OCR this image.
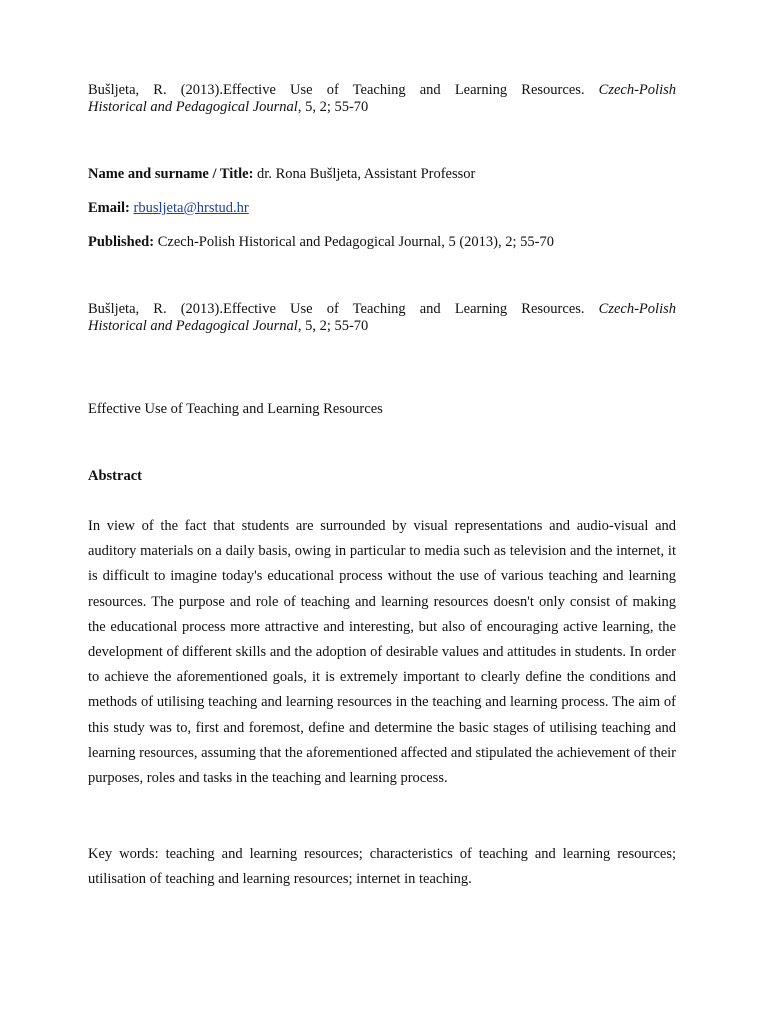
Bušljeta, R. (2013).Effective Use of Teaching and Learning Resources. Czech-Polish
Historical and Pedagogical Journal, 5, 2; 55-70
Name and surname / Title: dr. Rona Bušljeta, Assistant Professor
Email: rbusljeta@hrstud.hr
Published: Czech-Polish Historical and Pedagogical Journal, 5 (2013), 2; 55-70
Bušljeta, R. (2013).Effective Use of Teaching and Learning Resources. Czech-Polish
Historical and Pedagogical Journal, 5, 2; 55-70
Effective Use of Teaching and Learning Resources
Abstract
In view of the fact that students are surrounded by visual representations and audio-visual and auditory materials on a daily basis, owing in particular to media such as television and the internet, it is difficult to imagine today's educational process without the use of various teaching and learning resources. The purpose and role of teaching and learning resources doesn't only consist of making the educational process more attractive and interesting, but also of encouraging active learning, the development of different skills and the adoption of desirable values and attitudes in students. In order to achieve the aforementioned goals, it is extremely important to clearly define the conditions and methods of utilising teaching and learning resources in the teaching and learning process. The aim of this study was to, first and foremost, define and determine the basic stages of utilising teaching and learning resources, assuming that the aforementioned affected and stipulated the achievement of their purposes, roles and tasks in the teaching and learning process.
Key words: teaching and learning resources; characteristics of teaching and learning resources; utilisation of teaching and learning resources; internet in teaching.
